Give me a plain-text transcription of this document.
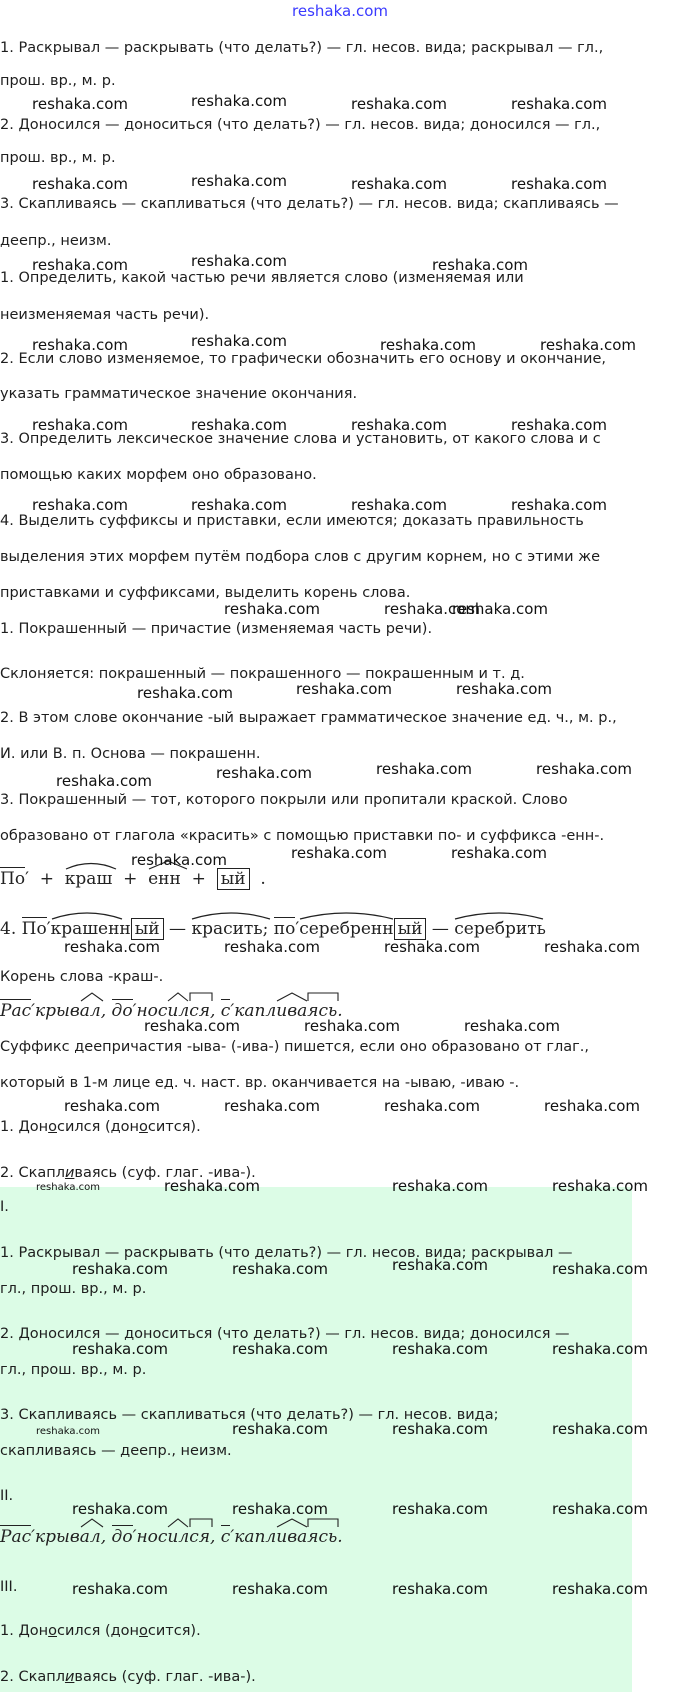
reshaka.com
1. Раскрывал — раскрывать (что делать?) — гл. несов. вида; раскрывал — гл.,
прош. вр., м. р.
2. Доносился — доноситься (что делать?) — гл. несов. вида; доносился — гл.,
прош. вр., м. р.
3. Скапливаясь — скапливаться (что делать?) — гл. несов. вида; скапливаясь —
деепр., неизм.
1. Определить, какой частью речи является слово (изменяемая или
неизменяемая часть речи).
2. Если слово изменяемое, то графически обозначить его основу и окончание,
указать грамматическое значение окончания.
3. Определить лексическое значение слова и установить, от какого слова и с
помощью каких морфем оно образовано.
4. Выделить суффиксы и приставки, если имеются; доказать правильность
выделения этих морфем путём подбора слов с другим корнем, но с этими же
приставками и суффиксами, выделить корень слова.
1. Покрашенный — причастие (изменяемая часть речи).
Склоняется: покрашенный — покрашенного — покрашенным и т. д.
2. В этом слове окончание -ый выражает грамматическое значение ед. ч., м. р.,
И. или В. п. Основа — покрашенн.
3. Покрашенный — тот, которого покрыли или пропитали краской. Слово
образовано от глагола «красить» с помощью приставки по- и суффикса -енн-.
По′  + краш + енн + ый .
4. По′
крашенн ый — красить; по′
серебренн ый — серебрить
Корень слова -краш-.
Рас′крыв
ал, до′нос
ил
ся, с′капл
ива
ясь.
Суффикс деепричастия -ыва- (-ива-) пишется, если оно образовано от глаг.,
который в 1-м лице ед. ч. наст. вр. оканчивается на -ываю, -иваю -.
1. Доносился (доносится).
2. Скапливаясь (суф. глаг. -ива-).
I.
1. Раскрывал — раскрывать (что делать?) — гл. несов. вида; раскрывал —
гл., прош. вр., м. р.
2. Доносился — доноситься (что делать?) — гл. несов. вида; доносился —
гл., прош. вр., м. р.
3. Скапливаясь — скапливаться (что делать?) — гл. несов. вида;
скапливаясь — деепр., неизм.
II.
Рас′крыв
ал, до′нос
ил
ся, с′капл
ива
ясь.
III.
1. Доносился (доносится).
2. Скапливаясь (суф. глаг. -ива-).
reshaka.com	reshaka.com	reshaka.com	reshaka.com
reshaka.com	reshaka.com	reshaka.com	reshaka.com
reshaka.com	reshaka.com	reshaka.com
reshaka.com	reshaka.com	reshaka.com	reshaka.com
reshaka.com	reshaka.com	reshaka.com	reshaka.com
reshaka.com	reshaka.com	reshaka.com	reshaka.com
reshaka.com	reshaka.com
reshaka.com
reshaka.com	reshaka.com	reshaka.com
reshaka.com	reshaka.com	reshaka.com	reshaka.com
reshaka.com	reshaka.com	reshaka.com
reshaka.com	reshaka.com	reshaka.com	reshaka.com
reshaka.com	reshaka.com	reshaka.com
reshaka.com	reshaka.com	reshaka.com	reshaka.com
reshaka.com	reshaka.com	reshaka.com	reshaka.com
reshaka.com	reshaka.com	reshaka.com	reshaka.com
reshaka.com	reshaka.com	reshaka.com	reshaka.com
reshaka.com	reshaka.com	reshaka.com	reshaka.com
reshaka.com	reshaka.com	reshaka.com	reshaka.com
reshaka.com	reshaka.com	reshaka.com	reshaka.com
